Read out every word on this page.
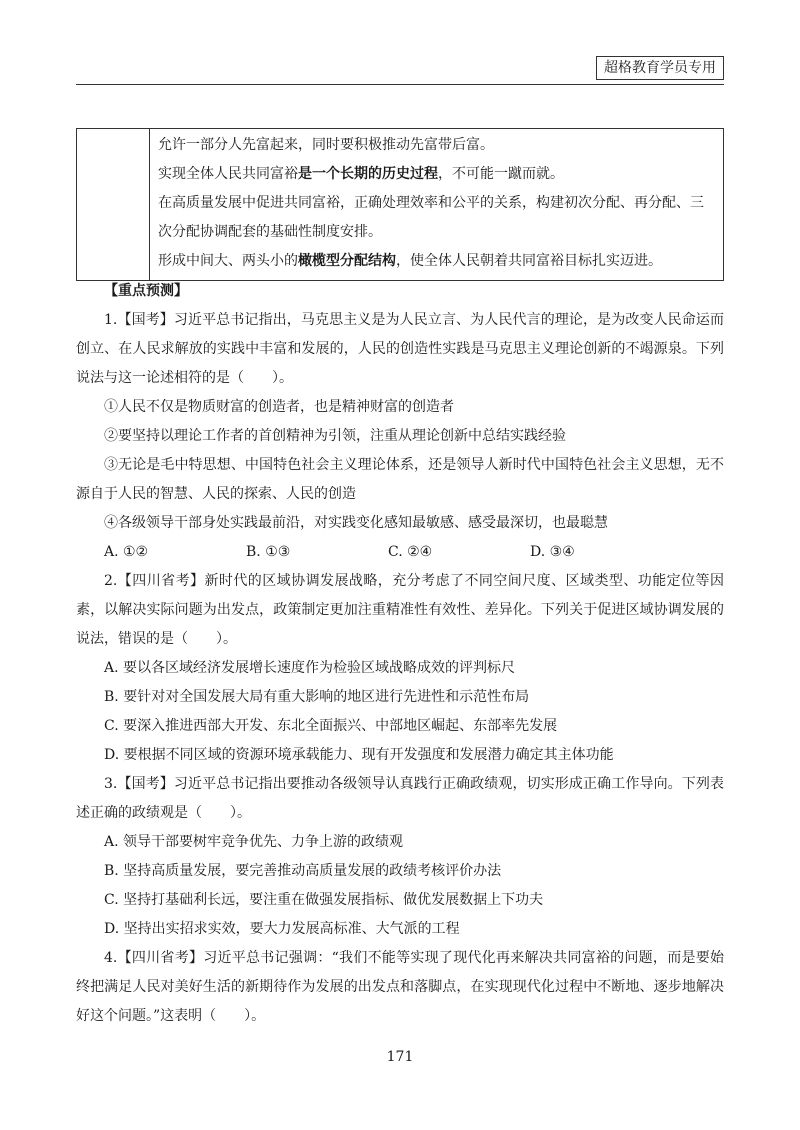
超格教育学员专用

允许一部分人先富起来，同时要积极推动先富带后富。
实现全体人民共同富裕是一个长期的历史过程，不可能一蹴而就。
在高质量发展中促进共同富裕，正确处理效率和公平的关系，构建初次分配、再分配、三次分配协调配套的基础性制度安排。
形成中间大、两头小的橄榄型分配结构，使全体人民朝着共同富裕目标扎实迈进。
【重点预测】

1.【国考】习近平总书记指出，马克思主义是为人民立言、为人民代言的理论，是为改变人民命运而创立、在人民求解放的实践中丰富和发展的，人民的创造性实践是马克思主义理论创新的不竭源泉。下列说法与这一论述相符的是（　　）。

①人民不仅是物质财富的创造者，也是精神财富的创造者

②要坚持以理论工作者的首创精神为引领，注重从理论创新中总结实践经验

③无论是毛中特思想、中国特色社会主义理论体系，还是领导人新时代中国特色社会主义思想，无不源自于人民的智慧、人民的探索、人民的创造

④各级领导干部身处实践最前沿，对实践变化感知最敏感、感受最深切，也最聪慧

A. ①②	B. ①③	C. ②④	D. ③④

2.【四川省考】新时代的区域协调发展战略，充分考虑了不同空间尺度、区域类型、功能定位等因素，以解决实际问题为出发点，政策制定更加注重精准性有效性、差异化。下列关于促进区域协调发展的说法，错误的是（　　）。

A. 要以各区域经济发展增长速度作为检验区域战略成效的评判标尺

B. 要针对对全国发展大局有重大影响的地区进行先进性和示范性布局

C. 要深入推进西部大开发、东北全面振兴、中部地区崛起、东部率先发展

D. 要根据不同区域的资源环境承载能力、现有开发强度和发展潜力确定其主体功能

3.【国考】习近平总书记指出要推动各级领导认真践行正确政绩观，切实形成正确工作导向。下列表述正确的政绩观是（　　）。

A. 领导干部要树牢竞争优先、力争上游的政绩观

B. 坚持高质量发展，要完善推动高质量发展的政绩考核评价办法

C. 坚持打基础利长远，要注重在做强发展指标、做优发展数据上下功夫

D. 坚持出实招求实效，要大力发展高标准、大气派的工程

4.【四川省考】习近平总书记强调：“我们不能等实现了现代化再来解决共同富裕的问题，而是要始终把满足人民对美好生活的新期待作为发展的出发点和落脚点，在实现现代化过程中不断地、逐步地解决好这个问题。”这表明（　　）。

171
